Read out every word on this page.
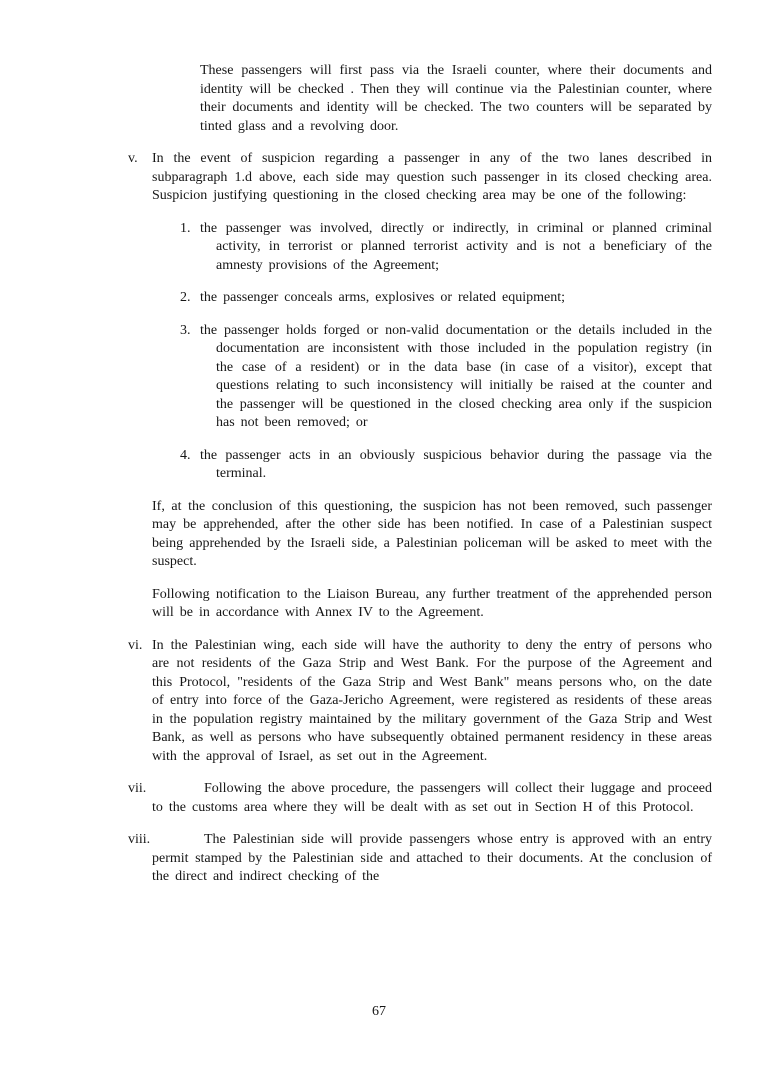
These passengers will first pass via the Israeli counter, where their documents and identity will be checked . Then they will continue via the Palestinian counter, where their documents and identity will be checked. The two counters will be separated by tinted glass and a revolving door.

v. In the event of suspicion regarding a passenger in any of the two lanes described in subparagraph 1.d above, each side may question such passenger in its closed checking area. Suspicion justifying questioning in the closed checking area may be one of the following:
1. the passenger was involved, directly or indirectly, in criminal or planned criminal activity, in terrorist or planned terrorist activity and is not a beneficiary of the amnesty provisions of the Agreement;
2. the passenger conceals arms, explosives or related equipment;
3. the passenger holds forged or non-valid documentation or the details included in the documentation are inconsistent with those included in the population registry (in the case of a resident) or in the data base (in case of a visitor), except that questions relating to such inconsistency will initially be raised at the counter and the passenger will be questioned in the closed checking area only if the suspicion has not been removed; or
4. the passenger acts in an obviously suspicious behavior during the passage via the terminal.

If, at the conclusion of this questioning, the suspicion has not been removed, such passenger may be apprehended, after the other side has been notified. In case of a Palestinian suspect being apprehended by the Israeli side, a Palestinian policeman will be asked to meet with the suspect.

Following notification to the Liaison Bureau, any further treatment of the apprehended person will be in accordance with Annex IV to the Agreement.

vi. In the Palestinian wing, each side will have the authority to deny the entry of persons who are not residents of the Gaza Strip and West Bank. For the purpose of the Agreement and this Protocol, "residents of the Gaza Strip and West Bank" means persons who, on the date of entry into force of the Gaza-Jericho Agreement, were registered as residents of these areas in the population registry maintained by the military government of the Gaza Strip and West Bank, as well as persons who have subsequently obtained permanent residency in these areas with the approval of Israel, as set out in the Agreement.
vii.	Following the above procedure, the passengers will collect their luggage and proceed to the customs area where they will be dealt with as set out in Section H of this Protocol.
viii.	The Palestinian side will provide passengers whose entry is approved with an entry permit stamped by the Palestinian side and attached to their documents. At the conclusion of the direct and indirect checking of the
67
